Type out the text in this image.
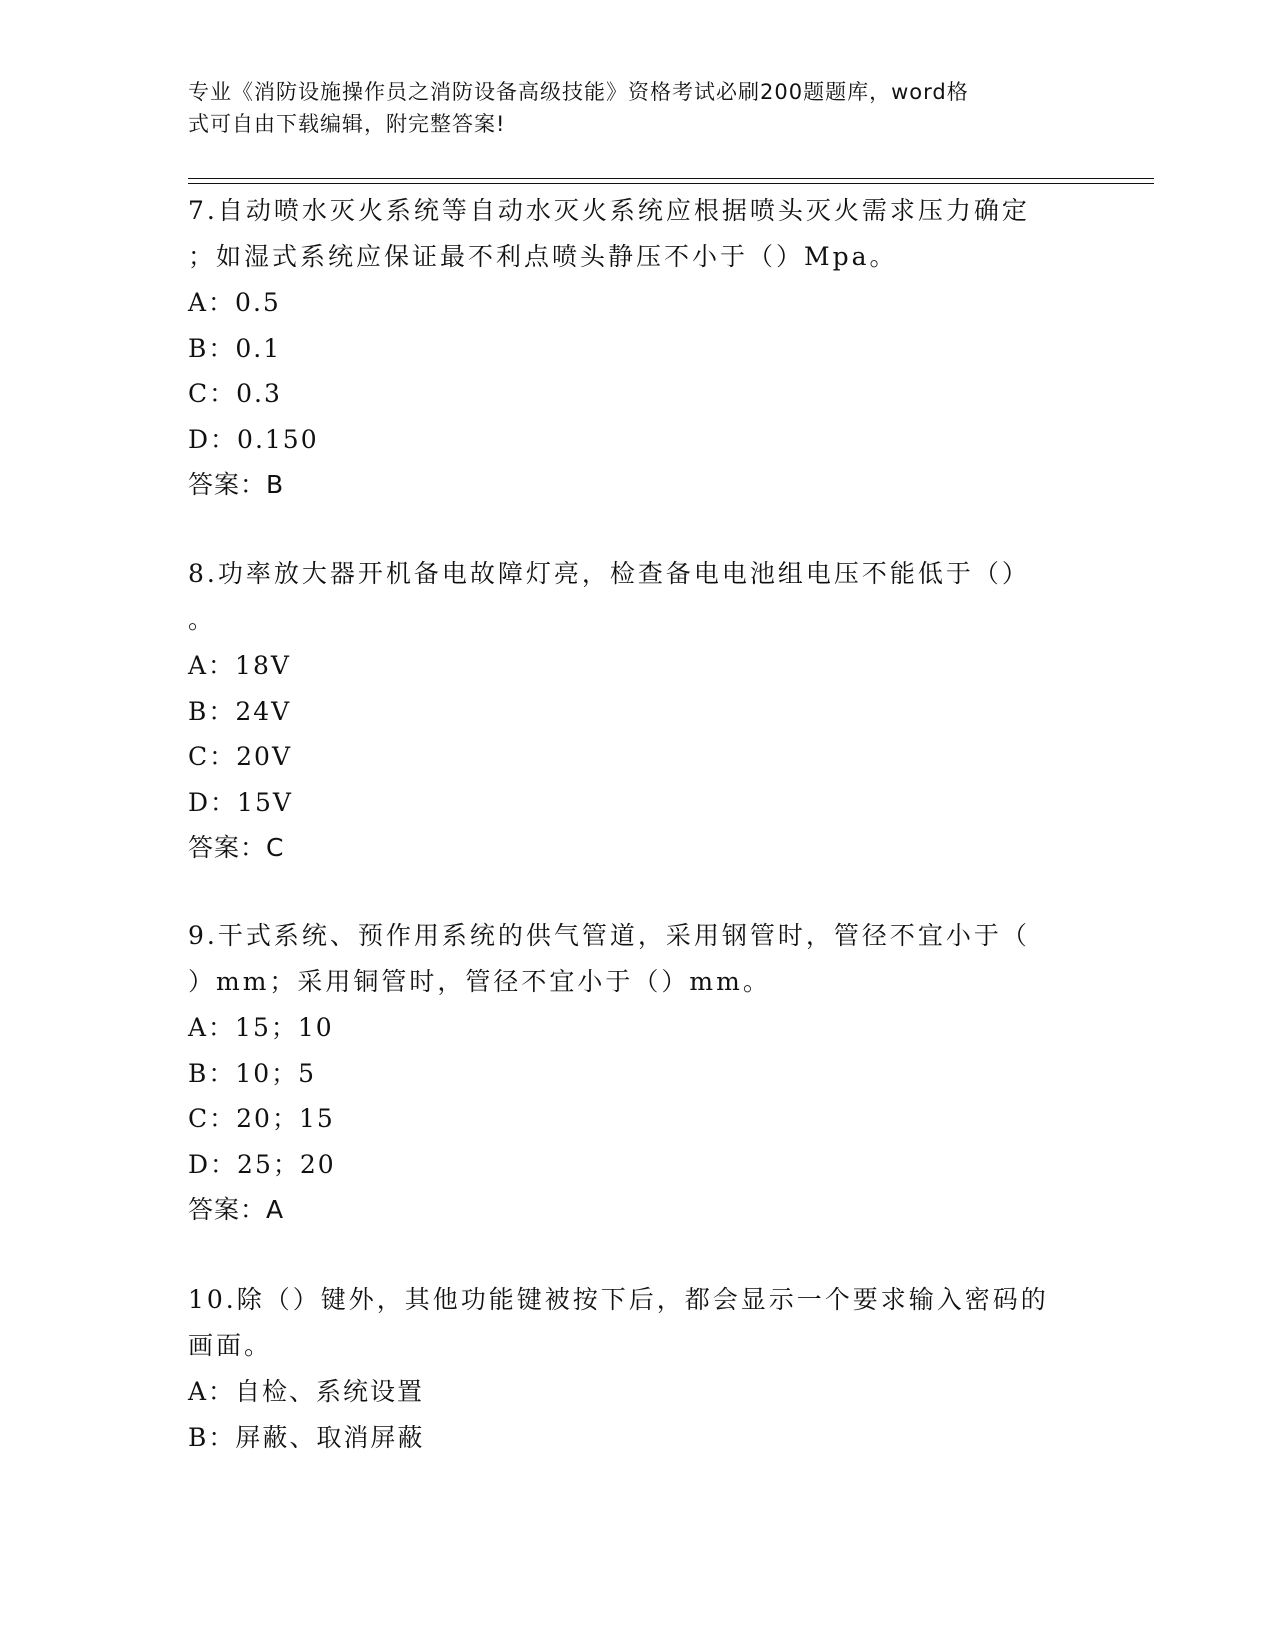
专业《消防设施操作员之消防设备高级技能》资格考试必刷200题题库，word格
式可自由下载编辑，附完整答案!
7.自动喷水灭火系统等自动水灭火系统应根据喷头灭火需求压力确定
；如湿式系统应保证最不利点喷头静压不小于（）Mpa。
A：0.5
B：0.1
C：0.3
D：0.150
答案：B
8.功率放大器开机备电故障灯亮，检查备电电池组电压不能低于（）
。
A：18V
B：24V
C：20V
D：15V
答案：C
9.干式系统、预作用系统的供气管道，采用钢管时，管径不宜小于（
）mm；采用铜管时，管径不宜小于（）mm。
A：15；10
B：10；5
C：20；15
D：25；20
答案：A
10.除（）键外，其他功能键被按下后，都会显示一个要求输入密码的
画面。
A：自检、系统设置
B：屏蔽、取消屏蔽
